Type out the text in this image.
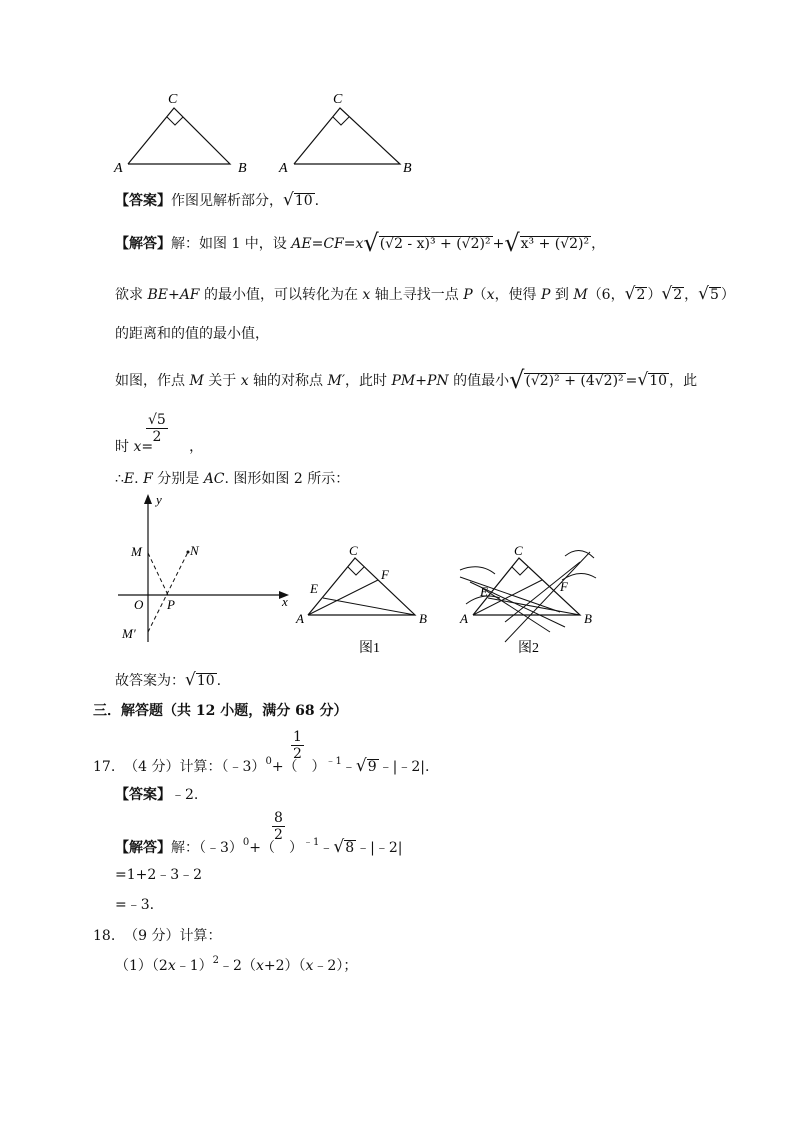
A	B
C
A	B
C
【答案】作图见解析部分，√10 .
【解答】解：如图 1 中，设 AE=CF=x√(√2 - x)³ + (√2)² +√x³ + (√2)² ，
欲求 BE+AF 的最小值，可以转化为在 x 轴上寻找一点 P（x，使得 P 到 M（6，√2 ）√2 ，√5 ）
的距离和的值的最小值，
如图，作点 M 关于 x 轴的对称点 M′，此时 PM+PN 的值最小√(√2)² + (4√2)² =√10 ，此
时 x=	，
$\frac{√5}{2}$
∴E. F 分别是 AC. 图形如图 2 所示：
y
x
M	N
O P
M′
A	B
C
E
F
图1
A	B
C
E	F
图2
故答案为：√10 .
三．解答题（共 12 小题，满分 68 分）
17. （4 分）计算：（﹣3）$^0$+（ ）$^{﹣1}$﹣√9 ﹣|﹣2|.
$\frac{1}{2}$
【答案】﹣2.
【解答】解：（﹣3）$^0$+（ ）$^{﹣1}$﹣√8 ﹣|﹣2|
$\frac{8}{2}$
=1+2﹣3﹣2
=﹣3.
18. （9 分）计算：
（1）（2x﹣1）$^2$﹣2（x+2）（x﹣2）；
